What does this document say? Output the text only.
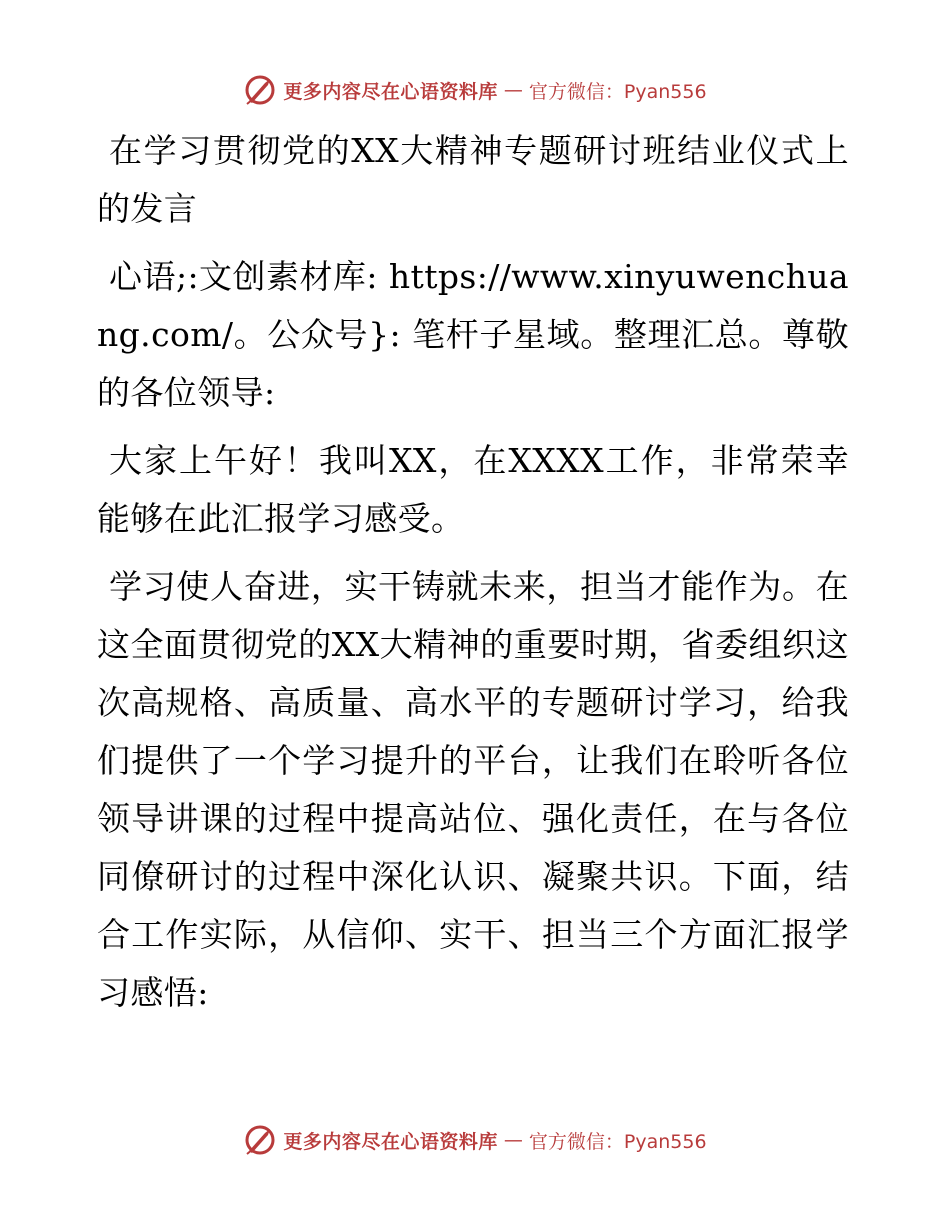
更多内容尽在心语资料库 — 官方微信：Pyan556

在学习贯彻党的XX大精神专题研讨班结业仪式上的发言

心语;:文创素材库: https://www.xinyuwenchuang.com/。公众号}: 笔杆子星域。整理汇总。尊敬的各位领导:

大家上午好！我叫XX，在XXXX工作，非常荣幸能够在此汇报学习感受。

学习使人奋进，实干铸就未来，担当才能作为。在这全面贯彻党的XX大精神的重要时期，省委组织这次高规格、高质量、高水平的专题研讨学习，给我们提供了一个学习提升的平台，让我们在聆听各位领导讲课的过程中提高站位、强化责任，在与各位同僚研讨的过程中深化认识、凝聚共识。下面，结合工作实际，从信仰、实干、担当三个方面汇报学习感悟:

更多内容尽在心语资料库 — 官方微信：Pyan556
